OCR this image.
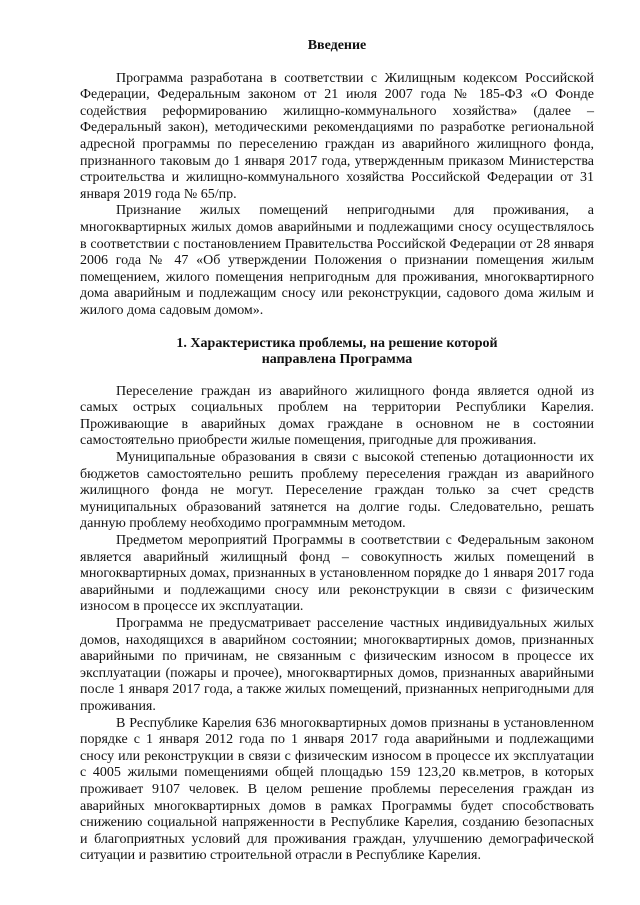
Введение

Программа разработана в соответствии с Жилищным кодексом Российской Федерации, Федеральным законом от 21 июля 2007 года № 185-ФЗ «О Фонде содействия реформированию жилищно-коммунального хозяйства» (далее – Федеральный закон), методическими рекомендациями по разработке региональной адресной программы по переселению граждан из аварийного жилищного фонда, признанного таковым до 1 января 2017 года, утвержденным приказом Министерства строительства и жилищно-коммунального хозяйства Российской Федерации от 31 января 2019 года № 65/пр.

Признание жилых помещений непригодными для проживания, а многоквартирных жилых домов аварийными и подлежащими сносу осуществлялось в соответствии с постановлением Правительства Российской Федерации от 28 января 2006 года № 47 «Об утверждении Положения о признании помещения жилым помещением, жилого помещения непригодным для проживания, многоквартирного дома аварийным и подлежащим сносу или реконструкции, садового дома жилым и жилого дома садовым домом».

1. Характеристика проблемы, на решение которой
направлена Программа

Переселение граждан из аварийного жилищного фонда является одной из самых острых социальных проблем на территории Республики Карелия. Проживающие в аварийных домах граждане в основном не в состоянии самостоятельно приобрести жилые помещения, пригодные для проживания.

Муниципальные образования в связи с высокой степенью дотационности их бюджетов самостоятельно решить проблему переселения граждан из аварийного жилищного фонда не могут. Переселение граждан только за счет средств муниципальных образований затянется на долгие годы. Следовательно, решать данную проблему необходимо программным методом.

Предметом мероприятий Программы в соответствии с Федеральным законом является аварийный жилищный фонд – совокупность жилых помещений в многоквартирных домах, признанных в установленном порядке до 1 января 2017 года аварийными и подлежащими сносу или реконструкции в связи с физическим износом в процессе их эксплуатации.

Программа не предусматривает расселение частных индивидуальных жилых домов, находящихся в аварийном состоянии; многоквартирных домов, признанных аварийными по причинам, не связанным с физическим износом в процессе их эксплуатации (пожары и прочее), многоквартирных домов, признанных аварийными после 1 января 2017 года, а также жилых помещений, признанных непригодными для проживания.

В Республике Карелия 636 многоквартирных домов признаны в установленном порядке с 1 января 2012 года по 1 января 2017 года аварийными и подлежащими сносу или реконструкции в связи с физическим износом в процессе их эксплуатации с 4005 жилыми помещениями общей площадью 159 123,20 кв.метров, в которых проживает 9107 человек. В целом решение проблемы переселения граждан из аварийных многоквартирных домов в рамках Программы будет способствовать снижению социальной напряженности в Республике Карелия, созданию безопасных и благоприятных условий для проживания граждан, улучшению демографической ситуации и развитию строительной отрасли в Республике Карелия.
